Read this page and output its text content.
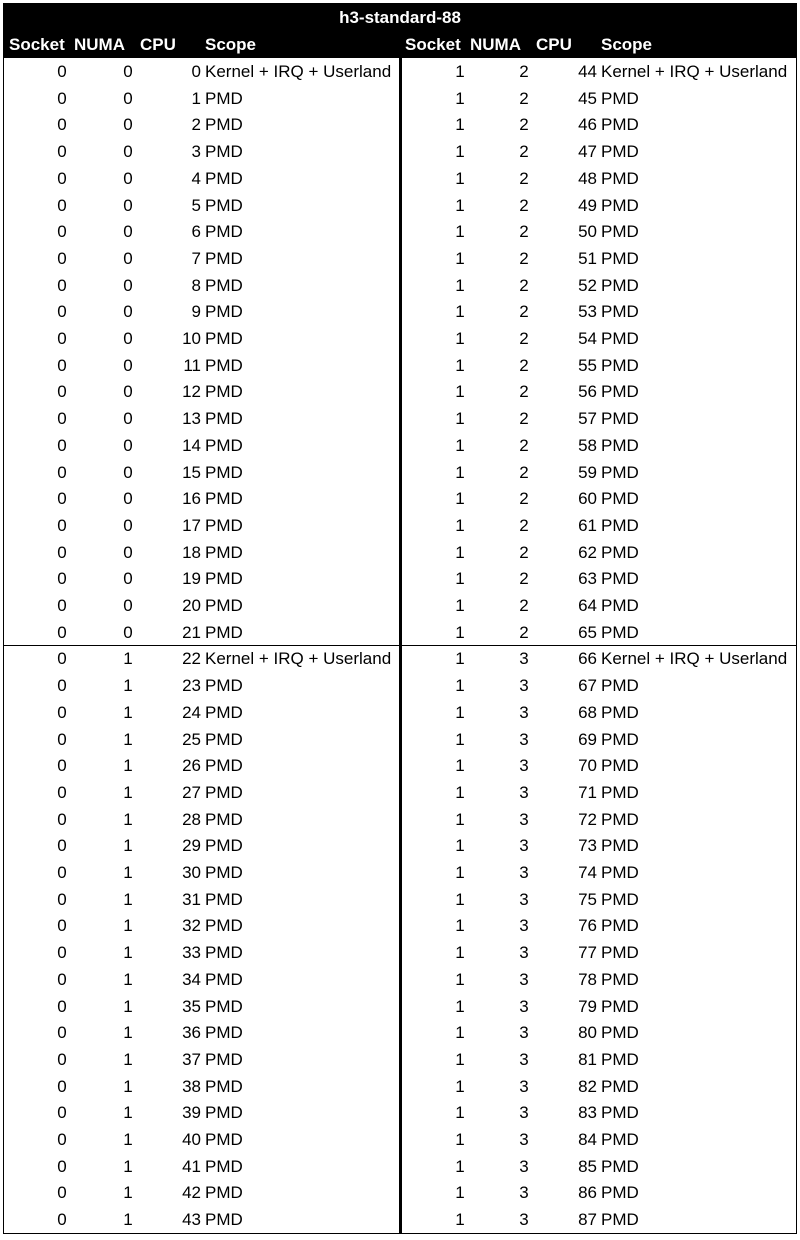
h3-standard-88
Socket NUMA CPU Scope	Socket NUMA CPU Scope
0	0	0 Kernel + IRQ + Userland	1	2	44 Kernel + IRQ + Userland
0	0	1 PMD	1	2	45 PMD
0	0	2 PMD	1	2	46 PMD
0	0	3 PMD	1	2	47 PMD
0	0	4 PMD	1	2	48 PMD
0	0	5 PMD	1	2	49 PMD
0	0	6 PMD	1	2	50 PMD
0	0	7 PMD	1	2	51 PMD
0	0	8 PMD	1	2	52 PMD
0	0	9 PMD	1	2	53 PMD
0	0	10 PMD	1	2	54 PMD
0	0	11 PMD	1	2	55 PMD
0	0	12 PMD	1	2	56 PMD
0	0	13 PMD	1	2	57 PMD
0	0	14 PMD	1	2	58 PMD
0	0	15 PMD	1	2	59 PMD
0	0	16 PMD	1	2	60 PMD
0	0	17 PMD	1	2	61 PMD
0	0	18 PMD	1	2	62 PMD
0	0	19 PMD	1	2	63 PMD
0	0	20 PMD	1	2	64 PMD
0	0	21 PMD	1	2	65 PMD
0	1	22 Kernel + IRQ + Userland	1	3	66 Kernel + IRQ + Userland
0	1	23 PMD	1	3	67 PMD
0	1	24 PMD	1	3	68 PMD
0	1	25 PMD	1	3	69 PMD
0	1	26 PMD	1	3	70 PMD
0	1	27 PMD	1	3	71 PMD
0	1	28 PMD	1	3	72 PMD
0	1	29 PMD	1	3	73 PMD
0	1	30 PMD	1	3	74 PMD
0	1	31 PMD	1	3	75 PMD
0	1	32 PMD	1	3	76 PMD
0	1	33 PMD	1	3	77 PMD
0	1	34 PMD	1	3	78 PMD
0	1	35 PMD	1	3	79 PMD
0	1	36 PMD	1	3	80 PMD
0	1	37 PMD	1	3	81 PMD
0	1	38 PMD	1	3	82 PMD
0	1	39 PMD	1	3	83 PMD
0	1	40 PMD	1	3	84 PMD
0	1	41 PMD	1	3	85 PMD
0	1	42 PMD	1	3	86 PMD
0	1	43 PMD	1	3	87 PMD
